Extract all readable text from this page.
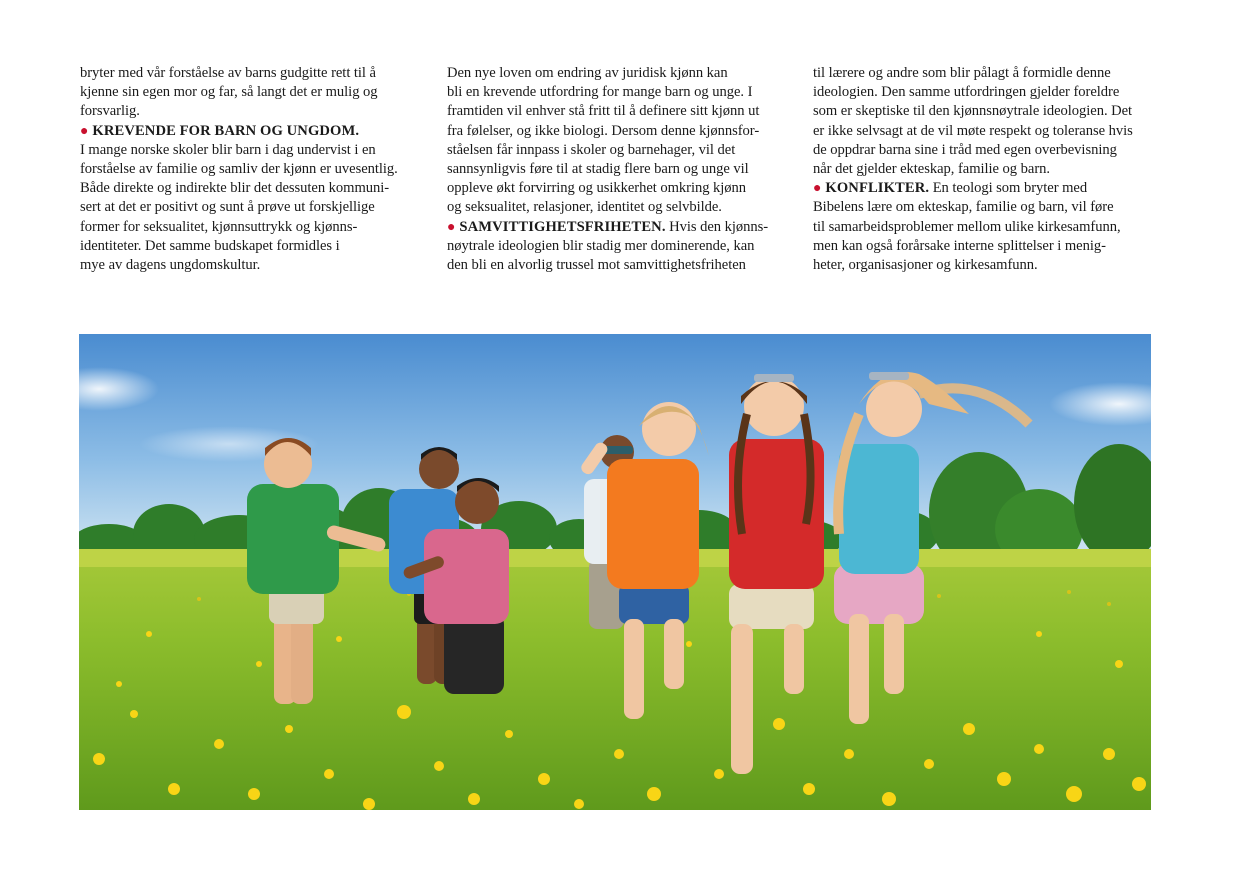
bryter med vår forståelse av barns gudgitte rett til å
kjenne sin egen mor og far, så langt det er mulig og
forsvarlig.
● KREVENDE FOR BARN OG UNGDOM.
I mange norske skoler blir barn i dag undervist i en
forståelse av familie og samliv der kjønn er uvesentlig.
Både direkte og indirekte blir det dessuten kommuni-
sert at det er positivt og sunt å prøve ut forskjellige
former for seksualitet, kjønnsuttrykk og kjønns-
identiteter. Det samme budskapet formidles i
mye av dagens ungdomskultur.
Den nye loven om endring av juridisk kjønn kan
bli en krevende utfordring for mange barn og unge. I
framtiden vil enhver stå fritt til å definere sitt kjønn ut
fra følelser, og ikke biologi. Dersom denne kjønnsfor-
ståelsen får innpass i skoler og barnehager, vil det
sannsynligvis føre til at stadig flere barn og unge vil
oppleve økt forvirring og usikkerhet omkring kjønn
og seksualitet, relasjoner, identitet og selvbilde.
● SAMVITTIGHETSFRIHETEN. Hvis den kjønns-
nøytrale ideologien blir stadig mer dominerende, kan
den bli en alvorlig trussel mot samvittighetsfriheten
til lærere og andre som blir pålagt å formidle denne
ideologien. Den samme utfordringen gjelder foreldre
som er skeptiske til den kjønnsnøytrale ideologien. Det
er ikke selvsagt at de vil møte respekt og toleranse hvis
de oppdrar barna sine i tråd med egen overbevisning
når det gjelder ekteskap, familie og barn.
● KONFLIKTER. En teologi som bryter med
Bibelens lære om ekteskap, familie og barn, vil føre
til samarbeidsproblemer mellom ulike kirkesamfunn,
men kan også forårsake interne splittelser i menig-
heter, organisasjoner og kirkesamfunn.
